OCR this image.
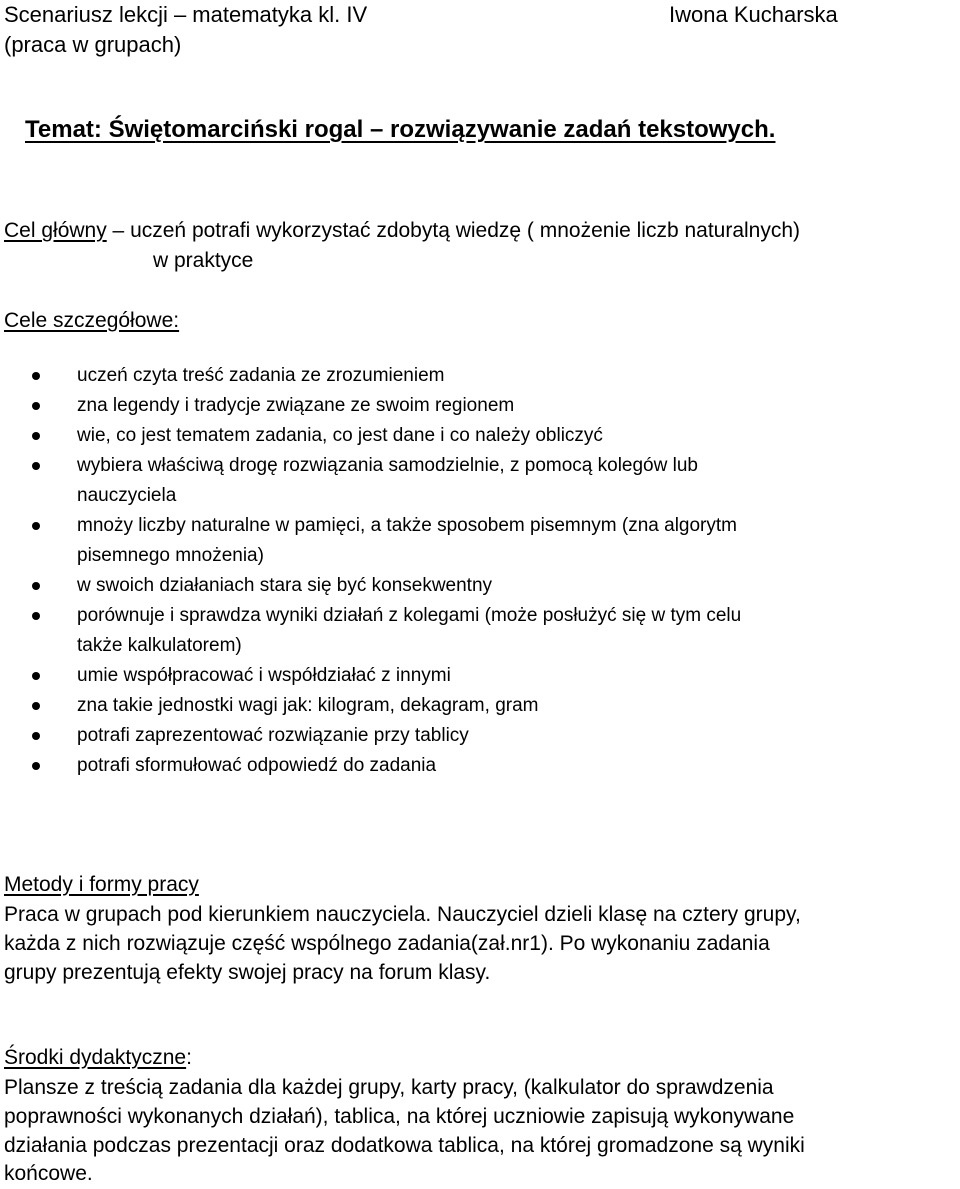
Scenariusz lekcji – matematyka kl. IV
(praca w grupach)
Iwona Kucharska
Temat: Świętomarciński rogal – rozwiązywanie zadań tekstowych.
Cel główny – uczeń potrafi wykorzystać zdobytą wiedzę ( mnożenie liczb naturalnych)
w praktyce
Cele szczegółowe:
uczeń czyta treść zadania ze zrozumieniem
zna legendy i tradycje związane ze swoim regionem
wie, co jest tematem zadania, co jest dane i co należy obliczyć
wybiera właściwą drogę rozwiązania samodzielnie, z pomocą kolegów lub
nauczyciela
mnoży liczby naturalne w pamięci, a także sposobem pisemnym (zna algorytm
pisemnego mnożenia)
w swoich działaniach stara się być konsekwentny
porównuje i sprawdza wyniki działań z kolegami (może posłużyć się w tym celu
także kalkulatorem)
umie współpracować i współdziałać z innymi
zna takie jednostki wagi jak: kilogram, dekagram, gram
potrafi zaprezentować rozwiązanie przy tablicy
potrafi sformułować odpowiedź do zadania
Metody i formy pracy
Praca w grupach pod kierunkiem nauczyciela. Nauczyciel dzieli klasę na cztery grupy,
każda z nich rozwiązuje część wspólnego zadania(zał.nr1). Po wykonaniu zadania
grupy prezentują efekty swojej pracy na forum klasy.
Środki dydaktyczne:
Plansze z treścią zadania dla każdej grupy, karty pracy, (kalkulator do sprawdzenia
poprawności wykonanych działań), tablica, na której uczniowie zapisują wykonywane
działania podczas prezentacji oraz dodatkowa tablica, na której gromadzone są wyniki
końcowe.
